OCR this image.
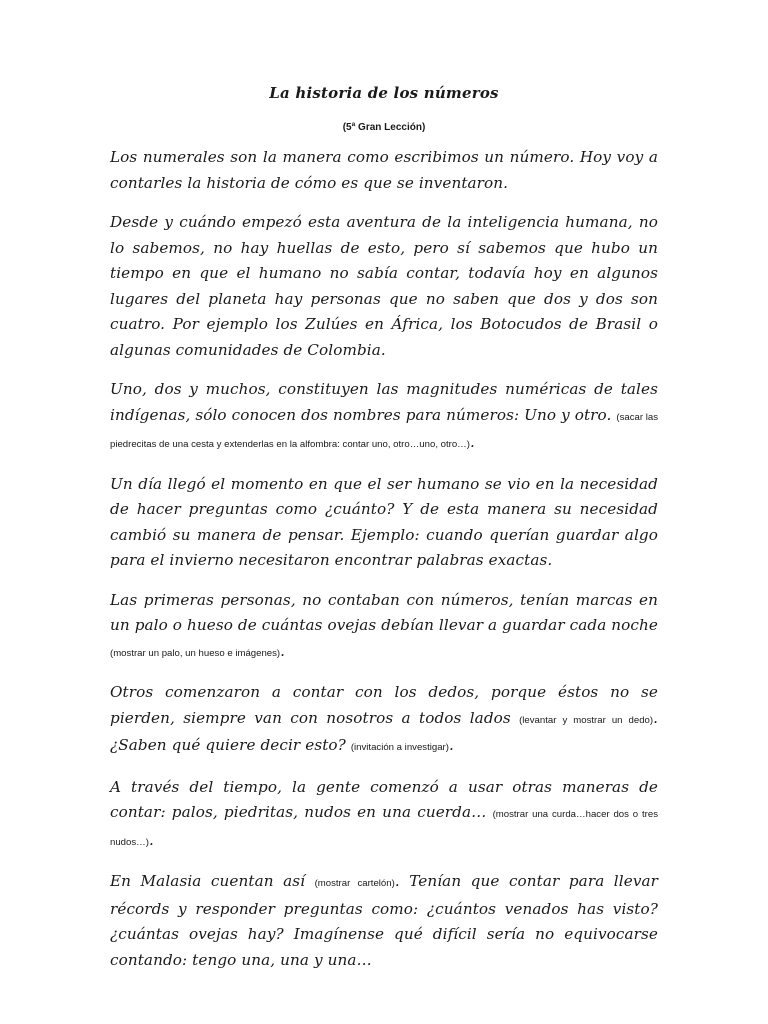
La historia de los números
(5ª Gran Lección)

Los numerales son la manera como escribimos un número. Hoy voy a contarles la historia de cómo es que se inventaron.

Desde y cuándo empezó esta aventura de la inteligencia humana, no lo sabemos, no hay huellas de esto, pero sí sabemos que hubo un tiempo en que el humano no sabía contar, todavía hoy en algunos lugares del planeta hay personas que no saben que dos y dos son cuatro. Por ejemplo los Zulúes en África, los Botocudos de Brasil o algunas comunidades de Colombia.

Uno, dos y muchos, constituyen las magnitudes numéricas de tales indígenas, sólo conocen dos nombres para números: Uno y otro. (sacar las piedrecitas de una cesta y extenderlas en la alfombra: contar uno, otro…uno, otro…).

Un día llegó el momento en que el ser humano se vio en la necesidad de hacer preguntas como ¿cuánto? Y de esta manera su necesidad cambió su manera de pensar. Ejemplo: cuando querían guardar algo para el invierno necesitaron encontrar palabras exactas.

Las primeras personas, no contaban con números, tenían marcas en un palo o hueso de cuántas ovejas debían llevar a guardar cada noche (mostrar un palo, un hueso e imágenes).

Otros comenzaron a contar con los dedos, porque éstos no se pierden, siempre van con nosotros a todos lados (levantar y mostrar un dedo). ¿Saben qué quiere decir esto? (invitación a investigar).

A través del tiempo, la gente comenzó a usar otras maneras de contar: palos, piedritas, nudos en una cuerda… (mostrar una curda…hacer dos o tres nudos…).

En Malasia cuentan así (mostrar cartelón). Tenían que contar para llevar récords y responder preguntas como: ¿cuántos venados has visto? ¿cuántas ovejas hay? Imagínense qué difícil sería no equivocarse contando: tengo una, una y una…
